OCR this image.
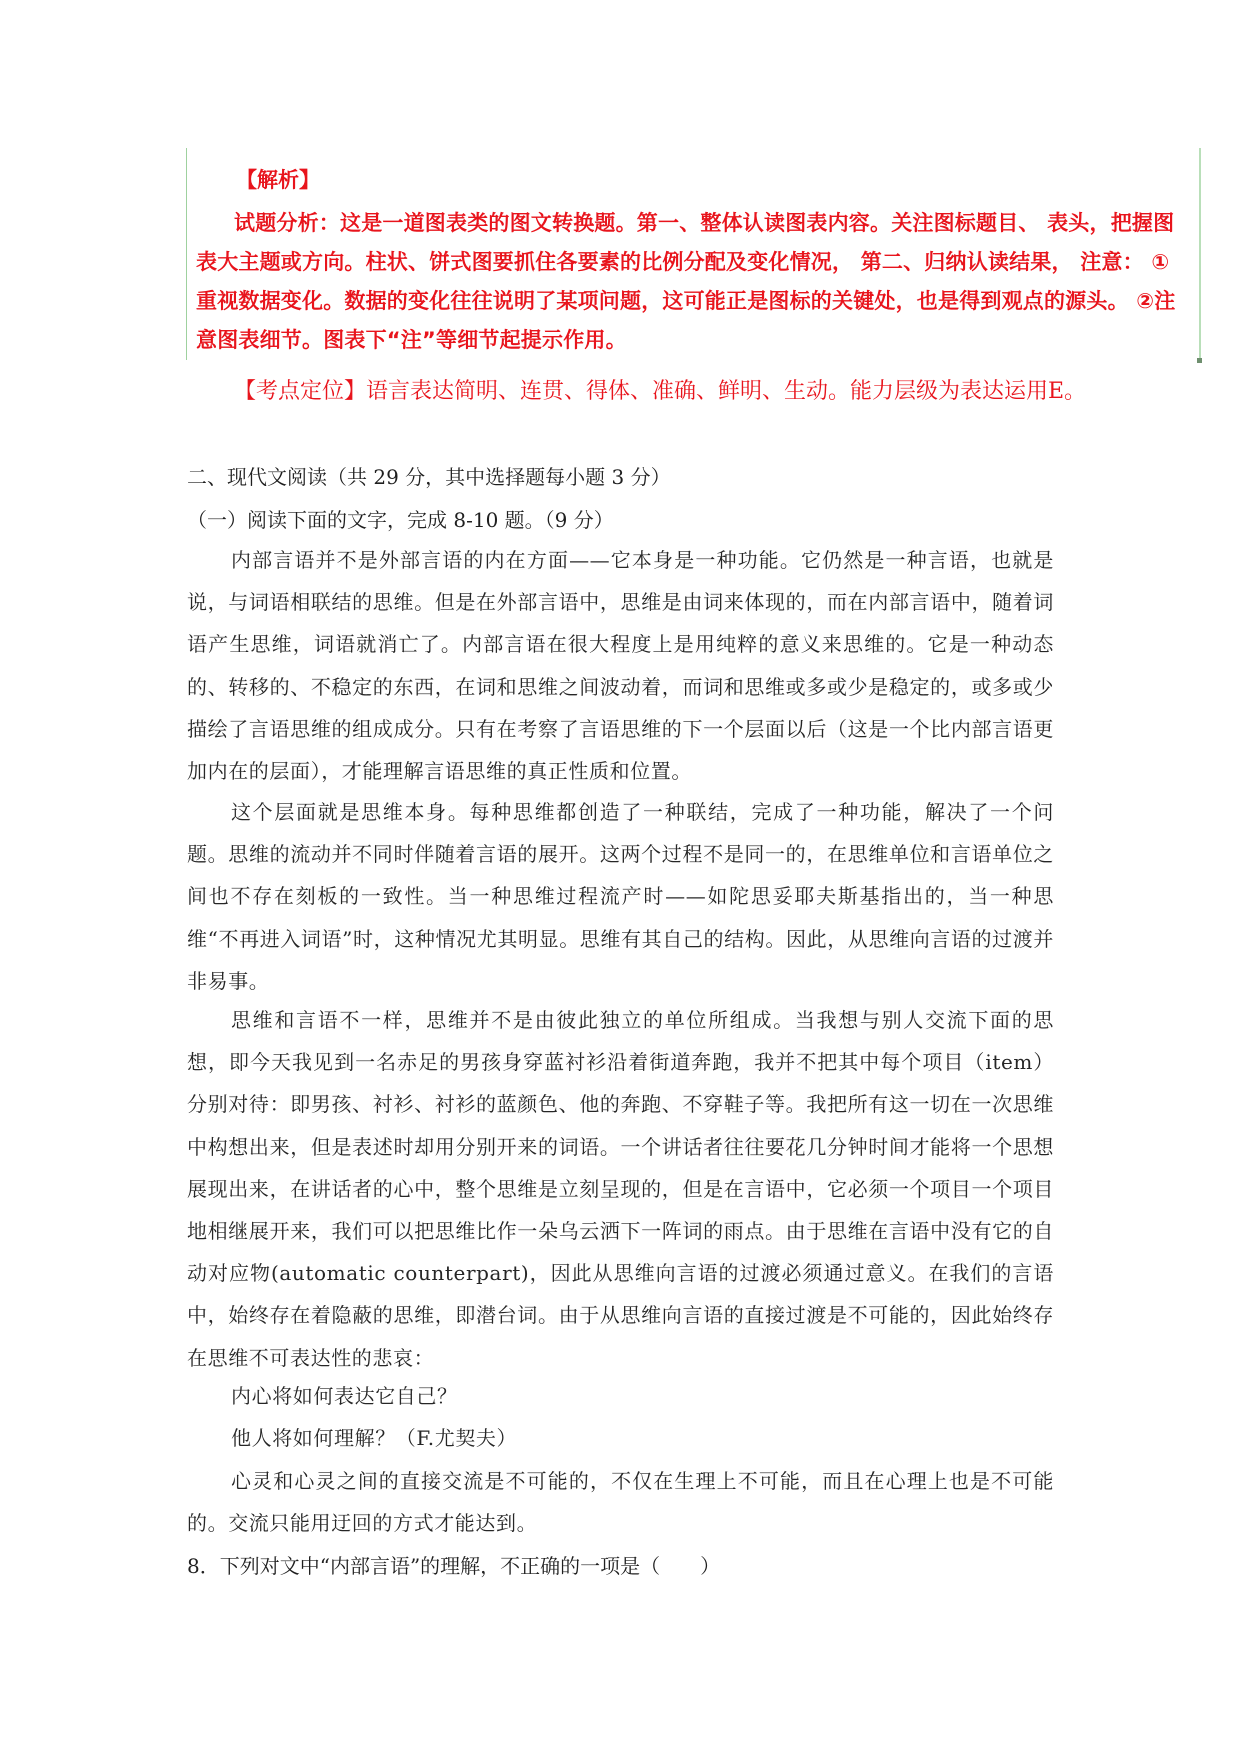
【解析】
试题分析：这是一道图表类的图文转换题。第一、整体认读图表内容。关注图标题目、 表头，把握图表大主题或方向。柱状、饼式图要抓住各要素的比例分配及变化情况， 第二、归纳认读结果， 注意： ①重视数据变化。数据的变化往往说明了某项问题，这可能正是图标的关键处，也是得到观点的源头。 ②注意图表细节。图表下“注”等细节起提示作用。
【考点定位】语言表达简明、连贯、得体、准确、鲜明、生动。能力层级为表达运用E。
二、现代文阅读（共 29 分，其中选择题每小题 3 分）
（一）阅读下面的文字，完成 8-10 题。（9 分）
内部言语并不是外部言语的内在方面——它本身是一种功能。它仍然是一种言语，也就是说，与词语相联结的思维。但是在外部言语中，思维是由词来体现的，而在内部言语中，随着词语产生思维，词语就消亡了。内部言语在很大程度上是用纯粹的意义来思维的。它是一种动态的、转移的、不稳定的东西，在词和思维之间波动着，而词和思维或多或少是稳定的，或多或少描绘了言语思维的组成成分。只有在考察了言语思维的下一个层面以后（这是一个比内部言语更加内在的层面），才能理解言语思维的真正性质和位置。
这个层面就是思维本身。每种思维都创造了一种联结，完成了一种功能，解决了一个问题。思维的流动并不同时伴随着言语的展开。这两个过程不是同一的，在思维单位和言语单位之间也不存在刻板的一致性。当一种思维过程流产时——如陀思妥耶夫斯基指出的，当一种思维“不再进入词语”时，这种情况尤其明显。思维有其自己的结构。因此，从思维向言语的过渡并非易事。
思维和言语不一样，思维并不是由彼此独立的单位所组成。当我想与别人交流下面的思想，即今天我见到一名赤足的男孩身穿蓝衬衫沿着街道奔跑，我并不把其中每个项目（item）分别对待：即男孩、衬衫、衬衫的蓝颜色、他的奔跑、不穿鞋子等。我把所有这一切在一次思维中构想出来，但是表述时却用分别开来的词语。一个讲话者往往要花几分钟时间才能将一个思想展现出来，在讲话者的心中，整个思维是立刻呈现的，但是在言语中，它必须一个项目一个项目地相继展开来，我们可以把思维比作一朵乌云洒下一阵词的雨点。由于思维在言语中没有它的自动对应物(automatic counterpart)，因此从思维向言语的过渡必须通过意义。在我们的言语中，始终存在着隐蔽的思维，即潜台词。由于从思维向言语的直接过渡是不可能的，因此始终存在思维不可表达性的悲哀：
内心将如何表达它自己？
他人将如何理解？（F.尤契夫）
心灵和心灵之间的直接交流是不可能的，不仅在生理上不可能，而且在心理上也是不可能的。交流只能用迂回的方式才能达到。
8．下列对文中“内部言语”的理解，不正确的一项是（　　）
